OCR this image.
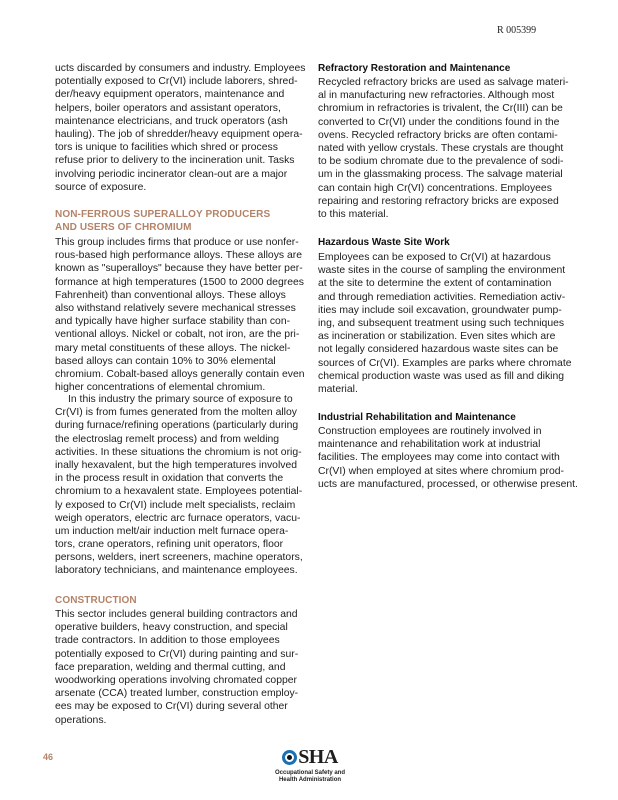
R 005399
ucts discarded by consumers and industry. Employees
potentially exposed to Cr(VI) include laborers, shred-
der/heavy equipment operators, maintenance and
helpers, boiler operators and assistant operators,
maintenance electricians, and truck operators (ash
hauling). The job of shredder/heavy equipment opera-
tors is unique to facilities which shred or process
refuse prior to delivery to the incineration unit. Tasks
involving periodic incinerator clean-out are a major
source of exposure.
NON-FERROUS SUPERALLOY PRODUCERS
AND USERS OF CHROMIUM
This group includes firms that produce or use nonfer-
rous-based high performance alloys. These alloys are
known as "superalloys" because they have better per-
formance at high temperatures (1500 to 2000 degrees
Fahrenheit) than conventional alloys. These alloys
also withstand relatively severe mechanical stresses
and typically have higher surface stability than con-
ventional alloys. Nickel or cobalt, not iron, are the pri-
mary metal constituents of these alloys. The nickel-
based alloys can contain 10% to 30% elemental
chromium. Cobalt-based alloys generally contain even
higher concentrations of elemental chromium.
In this industry the primary source of exposure to
Cr(VI) is from fumes generated from the molten alloy
during furnace/refining operations (particularly during
the electroslag remelt process) and from welding
activities. In these situations the chromium is not orig-
inally hexavalent, but the high temperatures involved
in the process result in oxidation that converts the
chromium to a hexavalent state. Employees potential-
ly exposed to Cr(VI) include melt specialists, reclaim
weigh operators, electric arc furnace operators, vacu-
um induction melt/air induction melt furnace opera-
tors, crane operators, refining unit operators, floor
persons, welders, inert screeners, machine operators,
laboratory technicians, and maintenance employees.
CONSTRUCTION
This sector includes general building contractors and
operative builders, heavy construction, and special
trade contractors. In addition to those employees
potentially exposed to Cr(VI) during painting and sur-
face preparation, welding and thermal cutting, and
woodworking operations involving chromated copper
arsenate (CCA) treated lumber, construction employ-
ees may be exposed to Cr(VI) during several other
operations.
Refractory Restoration and Maintenance
Recycled refractory bricks are used as salvage materi-
al in manufacturing new refractories. Although most
chromium in refractories is trivalent, the Cr(III) can be
converted to Cr(VI) under the conditions found in the
ovens. Recycled refractory bricks are often contami-
nated with yellow crystals. These crystals are thought
to be sodium chromate due to the prevalence of sodi-
um in the glassmaking process. The salvage material
can contain high Cr(VI) concentrations. Employees
repairing and restoring refractory bricks are exposed
to this material.
Hazardous Waste Site Work
Employees can be exposed to Cr(VI) at hazardous
waste sites in the course of sampling the environment
at the site to determine the extent of contamination
and through remediation activities. Remediation activ-
ities may include soil excavation, groundwater pump-
ing, and subsequent treatment using such techniques
as incineration or stabilization. Even sites which are
not legally considered hazardous waste sites can be
sources of Cr(VI). Examples are parks where chromate
chemical production waste was used as fill and diking
material.
Industrial Rehabilitation and Maintenance
Construction employees are routinely involved in
maintenance and rehabilitation work at industrial
facilities. The employees may come into contact with
Cr(VI) when employed at sites where chromium prod-
ucts are manufactured, processed, or otherwise present.
46	SHA
Occupational Safety and
Health Administration
